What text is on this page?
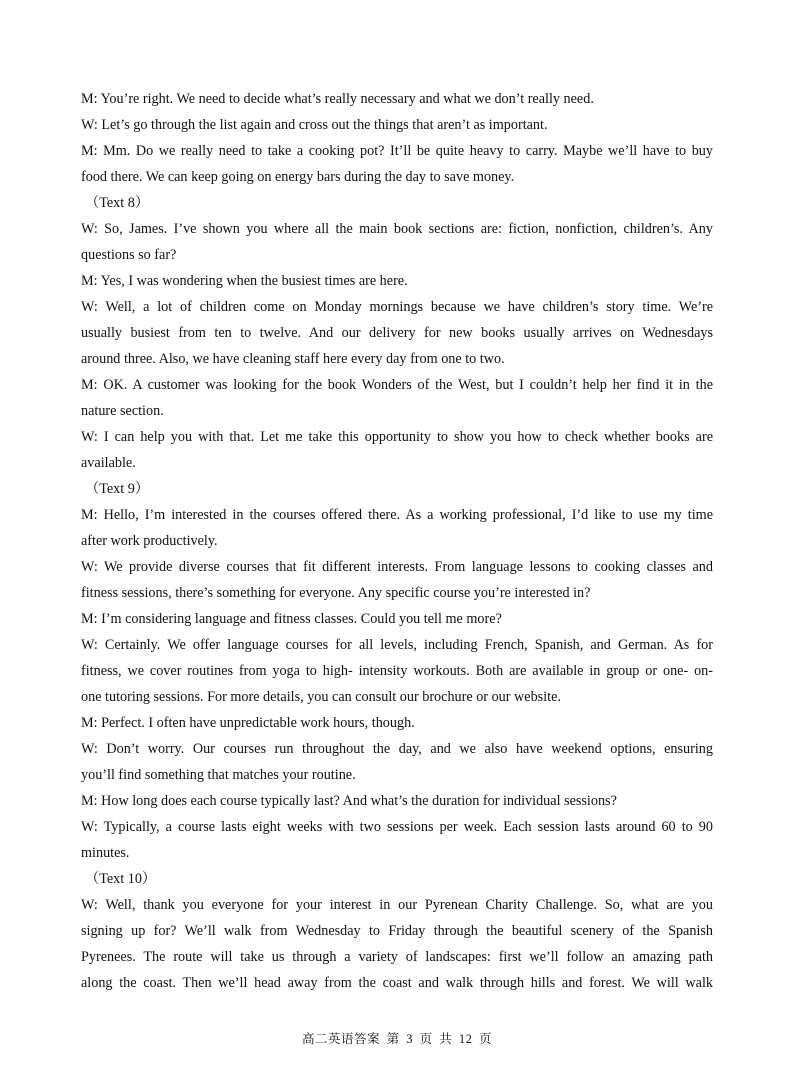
M: You’re right. We need to decide what’s really necessary and what we don’t really need.

W: Let’s go through the list again and cross out the things that aren’t as important.

M: Mm. Do we really need to take a cooking pot? It’ll be quite heavy to carry. Maybe we’ll have to buy

food there. We can keep going on energy bars during the day to save money.

（Text 8）

W: So, James. I’ve shown you where all the main book sections are: fiction, nonfiction, children’s. Any

questions so far?

M: Yes, I was wondering when the busiest times are here.

W: Well, a lot of children come on Monday mornings because we have children’s story time. We’re

usually busiest from ten to twelve. And our delivery for new books usually arrives on Wednesdays

around three. Also, we have cleaning staff here every day from one to two.

M: OK. A customer was looking for the book Wonders of the West, but I couldn’t help her find it in the

nature section.

W: I can help you with that. Let me take this opportunity to show you how to check whether books are

available.

（Text 9）

M: Hello, I’m interested in the courses offered there. As a working professional, I’d like to use my time

after work productively.

W: We provide diverse courses that fit different interests. From language lessons to cooking classes and

fitness sessions, there’s something for everyone. Any specific course you’re interested in?

M: I’m considering language and fitness classes. Could you tell me more?

W: Certainly. We offer language courses for all levels, including French, Spanish, and German. As for

fitness, we cover routines from yoga to high- intensity workouts. Both are available in group or one- on-

one tutoring sessions. For more details, you can consult our brochure or our website.

M: Perfect. I often have unpredictable work hours, though.

W: Don’t worry. Our courses run throughout the day, and we also have weekend options, ensuring

you’ll find something that matches your routine.

M: How long does each course typically last? And what’s the duration for individual sessions?

W: Typically, a course lasts eight weeks with two sessions per week. Each session lasts around 60 to 90

minutes.

（Text 10）

W: Well, thank you everyone for your interest in our Pyrenean Charity Challenge. So, what are you

signing up for? We’ll walk from Wednesday to Friday through the beautiful scenery of the Spanish

Pyrenees. The route will take us through a variety of landscapes: first we’ll follow an amazing path

along the coast. Then we’ll head away from the coast and walk through hills and forest. We will walk

高二英语答案 第 3 页 共 12 页
